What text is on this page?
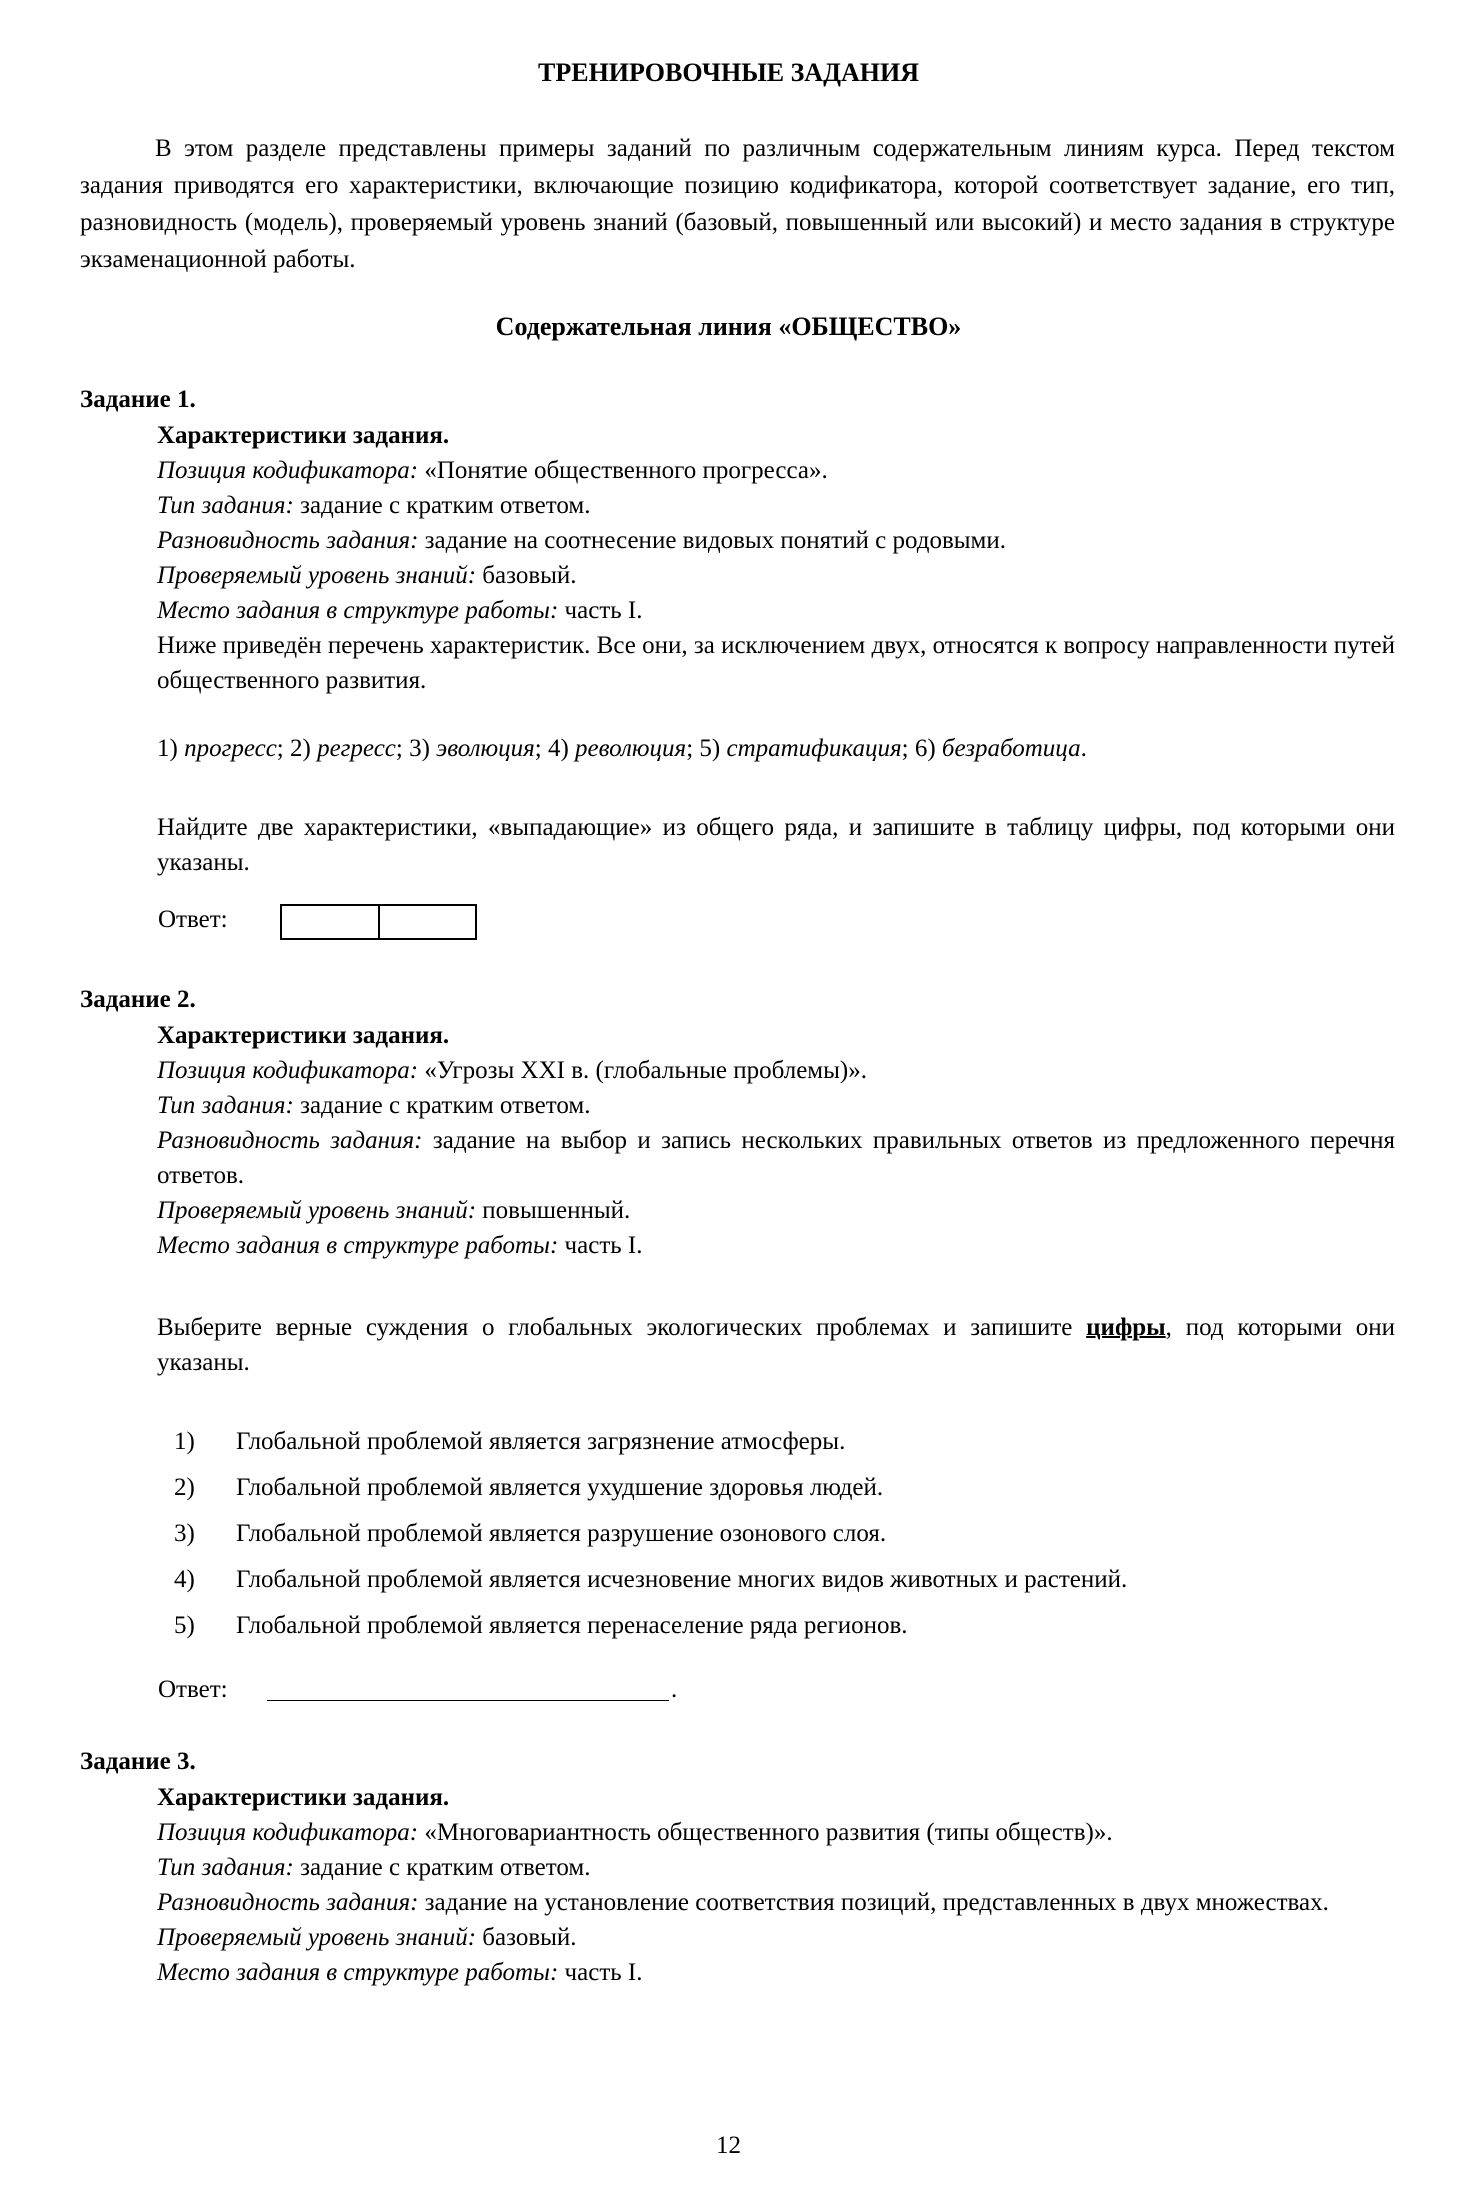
ТРЕНИРОВОЧНЫЕ ЗАДАНИЯ

В этом разделе представлены примеры заданий по различным содержательным линиям курса. Перед текстом задания приводятся его характеристики, включающие позицию кодификатора, которой соответствует задание, его тип, разновидность (модель), проверяемый уровень знаний (базовый, повышенный или высокий) и место задания в структуре экзаменационной работы.

Содержательная линия «ОБЩЕСТВО»
Задание 1.
Характеристики задания.
Позиция кодификатора: «Понятие общественного прогресса».
Тип задания: задание с кратким ответом.
Разновидность задания: задание на соотнесение видовых понятий с родовыми.
Проверяемый уровень знаний: базовый.
Место задания в структуре работы: часть I.
Ниже приведён перечень характеристик. Все они, за исключением двух, относятся к вопросу направленности путей общественного развития.
1) прогресс; 2) регресс; 3) эволюция; 4) революция; 5) стратификация; 6) безработица.
Найдите две характеристики, «выпадающие» из общего ряда, и запишите в таблицу цифры, под которыми они указаны.
Ответ:
Задание 2.
Характеристики задания.
Позиция кодификатора: «Угрозы XXI в. (глобальные проблемы)».
Тип задания: задание с кратким ответом.
Разновидность задания: задание на выбор и запись нескольких правильных ответов из предложенного перечня ответов.
Проверяемый уровень знаний: повышенный.
Место задания в структуре работы: часть I.
Выберите верные суждения о глобальных экологических проблемах и запишите цифры, под которыми они указаны.
1) Глобальной проблемой является загрязнение атмосферы.
2) Глобальной проблемой является ухудшение здоровья людей.
3) Глобальной проблемой является разрушение озонового слоя.
4) Глобальной проблемой является исчезновение многих видов животных и растений.
5) Глобальной проблемой является перенаселение ряда регионов.
Ответ:	.
Задание 3.
Характеристики задания.
Позиция кодификатора: «Многовариантность общественного развития (типы обществ)».
Тип задания: задание с кратким ответом.
Разновидность задания: задание на установление соответствия позиций, представленных в двух множествах.
Проверяемый уровень знаний: базовый.
Место задания в структуре работы: часть I.
12
